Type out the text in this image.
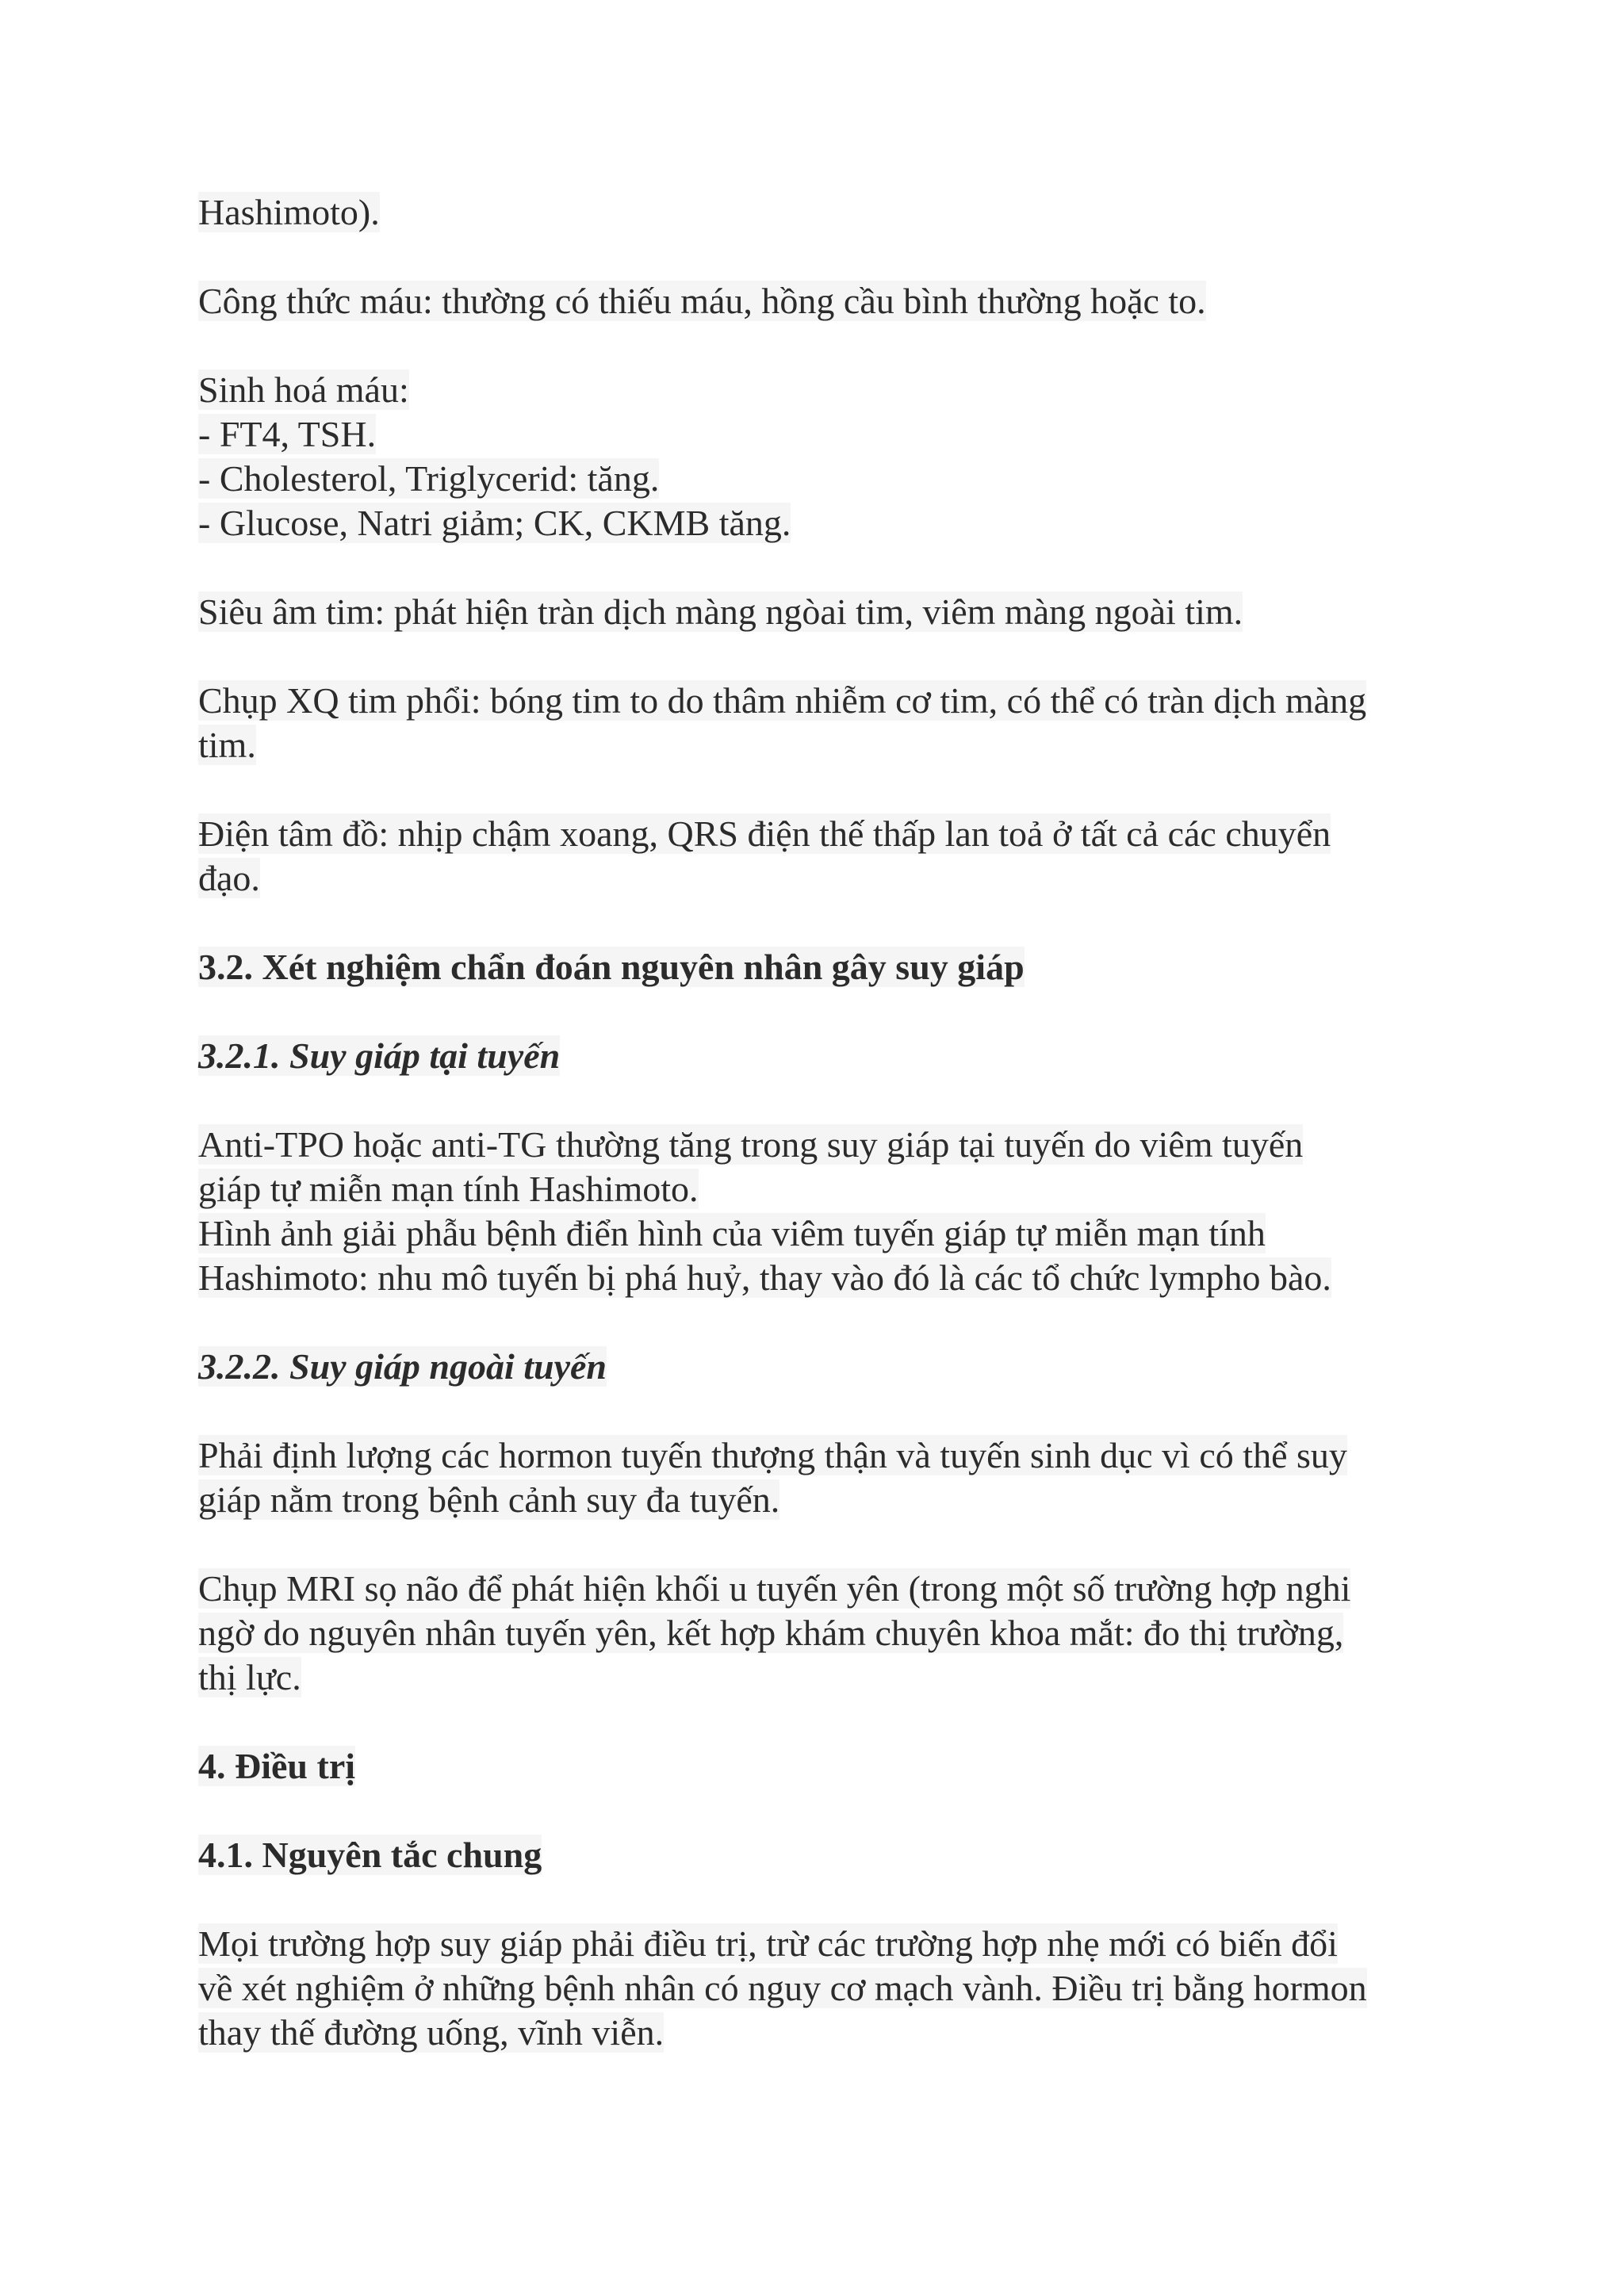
Hashimoto).
Công thức máu: thường có thiếu máu, hồng cầu bình thường hoặc to.
Sinh hoá máu:
- FT4, TSH.
- Cholesterol, Triglycerid: tăng.
- Glucose, Natri giảm; CK, CKMB tăng.
Siêu âm tim: phát hiện tràn dịch màng ngòai tim, viêm màng ngoài tim.
Chụp XQ tim phổi: bóng tim to do thâm nhiễm cơ tim, có thể có tràn dịch màng
tim.
Điện tâm đồ: nhịp chậm xoang, QRS điện thế thấp lan toả ở tất cả các chuyển
đạo.
3.2. Xét nghiệm chẩn đoán nguyên nhân gây suy giáp
3.2.1. Suy giáp tại tuyến
Anti-TPO hoặc anti-TG thường tăng trong suy giáp tại tuyến do viêm tuyến
giáp tự miễn mạn tính Hashimoto.
Hình ảnh giải phẫu bệnh điển hình của viêm tuyến giáp tự miễn mạn tính
Hashimoto: nhu mô tuyến bị phá huỷ, thay vào đó là các tổ chức lympho bào.
3.2.2. Suy giáp ngoài tuyến
Phải định lượng các hormon tuyến thượng thận và tuyến sinh dục vì có thể suy
giáp nằm trong bệnh cảnh suy đa tuyến.
Chụp MRI sọ não để phát hiện khối u tuyến yên (trong một số trường hợp nghi
ngờ do nguyên nhân tuyến yên, kết hợp khám chuyên khoa mắt: đo thị trường,
thị lực.
4. Điều trị
4.1. Nguyên tắc chung
Mọi trường hợp suy giáp phải điều trị, trừ các trường hợp nhẹ mới có biến đổi
về xét nghiệm ở những bệnh nhân có nguy cơ mạch vành. Điều trị bằng hormon
thay thế đường uống, vĩnh viễn.
